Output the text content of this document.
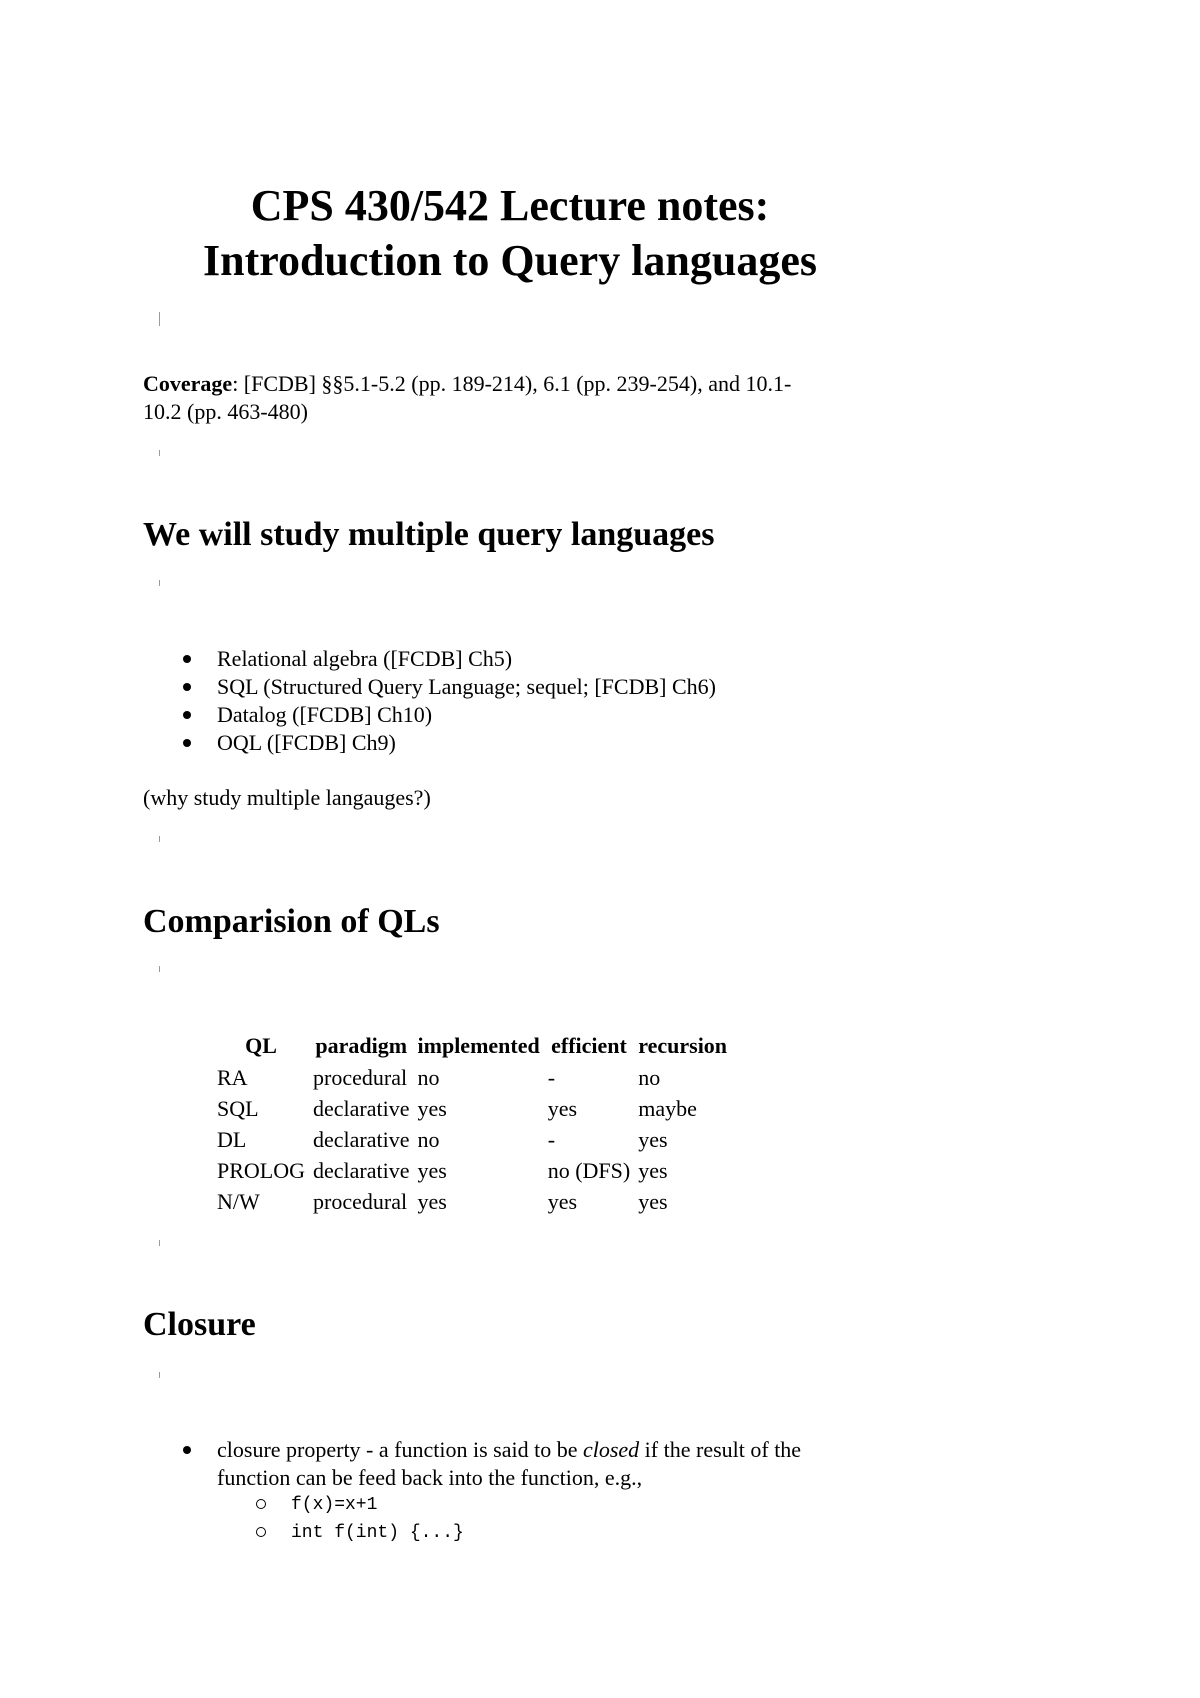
CPS 430/542 Lecture notes:
Introduction to Query languages

Coverage: [FCDB] §§5.1-5.2 (pp. 189-214), 6.1 (pp. 239-254), and 10.1-
10.2 (pp. 463-480)

We will study multiple query languages
Relational algebra ([FCDB] Ch5)
SQL (Structured Query Language; sequel; [FCDB] Ch6)
Datalog ([FCDB] Ch10)
OQL ([FCDB] Ch9)

(why study multiple langauges?)

Comparision of QLs
QL	paradigm	implemented	efficient	recursion
RA	procedural	no	-	no
SQL	declarative	yes	yes	maybe
DL	declarative	no	-	yes
PROLOG	declarative	yes	no (DFS)	yes
N/W	procedural	yes	yes	yes
Closure
closure property - a function is said to be closed if the result of the
function can be feed back into the function, e.g.,
f(x)=x+1
int f(int) {...}
